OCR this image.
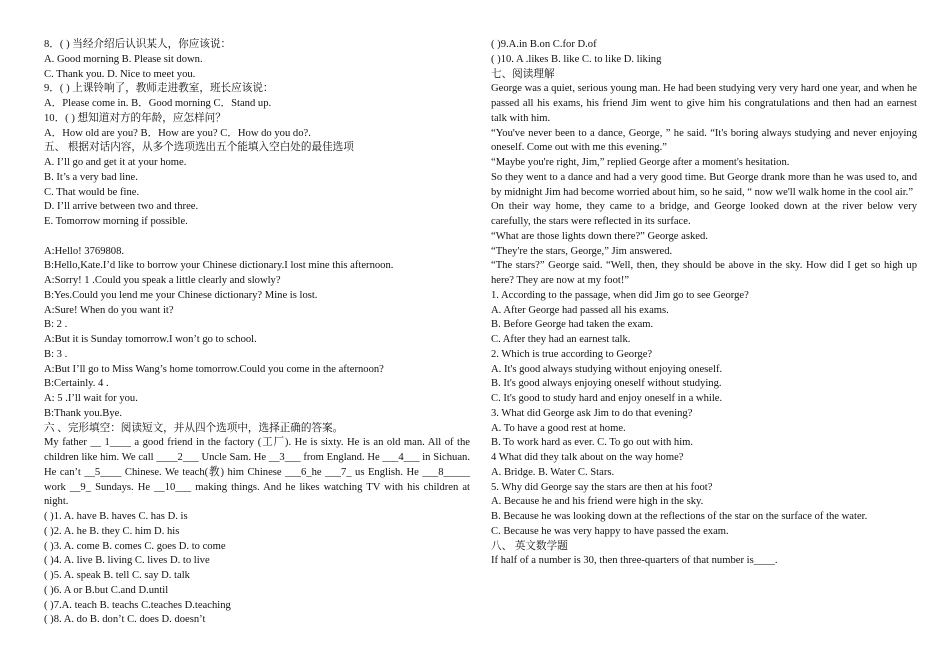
8．( ) 当经介绍后认识某人，你应该说：
A. Good morning B. Please sit down.
C. Thank you. D. Nice to meet you.
9．( ) 上课铃响了，教师走进教室，班长应该说：
A．Please come in. B．Good morning C．Stand up.
10．( ) 想知道对方的年龄，应怎样问？
A．How old are you? B．How are you? C．How do you do?.
五、 根据对话内容，从多个选项选出五个能填入空白处的最佳选项
A. I’ll go and get it at your home.
B. It’s a very bad line.
C. That would be fine.
D. I’ll arrive between two and three.
E. Tomorrow morning if possible.
A:Hello! 3769808.
B:Hello,Kate.I’d like to borrow your Chinese dictionary.I lost mine this afternoon.
A:Sorry! 1 .Could you speak a little clearly and slowly?
B:Yes.Could you lend me your Chinese dictionary? Mine is lost.
A:Sure! When do you want it?
B: 2 .
A:But it is Sunday tomorrow.I won’t go to school.
B: 3 .
A:But I’ll go to Miss Wang’s home tomorrow.Could you come in the afternoon?
B:Certainly. 4 .
A: 5 .I’ll wait for you.
B:Thank you.Bye.
六 、完形填空：阅读短文，并从四个选项中，选择正确的答案。
My father __ 1____ a good friend in the factory (工厂). He is sixty. He is an old man. All of the children like him. We call ____2___ Uncle Sam. He __3___ from England. He ___4___ in Sichuan. He can’t __5____ Chinese. We teach(教) him Chinese ___6_he ___7_ us English. He ___8_____ work __9_ Sundays. He __10___ making things. And he likes watching TV with his children at night.
( )1. A. have B. haves C. has D. is
( )2. A. he B. they C. him D. his
( )3. A. come B. comes C. goes D. to come
( )4. A. live B. living C. lives D. to live
( )5. A. speak B. tell C. say D. talk
( )6. A or B.but C.and D.until
( )7.A. teach B. teachs C.teaches D.teaching
( )8. A. do B. don’t C. does D. doesn’t
( )9.A.in B.on C.for D.of
( )10. A .likes B. like C. to like D. liking
七、阅读理解
George was a quiet, serious young man. He had been studying very very hard one year, and when he passed all his exams, his friend Jim went to give him his congratulations and then had an earnest talk with him.
“You've never been to a dance, George, ” he said. “It's boring always studying and never enjoying oneself. Come out with me this evening.”
“Maybe you're right, Jim,” replied George after a moment's hesitation.
So they went to a dance and had a very good time. But George drank more than he was used to, and by midnight Jim had become worried about him, so he said, “ now we'll walk home in the cool air.”
On their way home, they came to a bridge, and George looked down at the river below very carefully, the stars were reflected in its surface.
“What are those lights down there?” George asked.
“They're the stars, George,” Jim answered.
“The stars?” George said. “Well, then, they should be above in the sky. How did I get so high up here? They are now at my foot!”
1. According to the passage, when did Jim go to see George?
A. After George had passed all his exams.
B. Before George had taken the exam.
C. After they had an earnest talk.
2. Which is true according to George?
A. It's good always studying without enjoying oneself.
B. It's good always enjoying oneself without studying.
C. It's good to study hard and enjoy oneself in a while.
3. What did George ask Jim to do that evening?
A. To have a good rest at home.
B. To work hard as ever. C. To go out with him.
4 What did they talk about on the way home?
A. Bridge. B. Water C. Stars.
5. Why did George say the stars are then at his foot?
A. Because he and his friend were high in the sky.
B. Because he was looking down at the reflections of the star on the surface of the water.
C. Because he was very happy to have passed the exam.
八、 英文数学题
If half of a number is 30, then three-quarters of that number is____.
